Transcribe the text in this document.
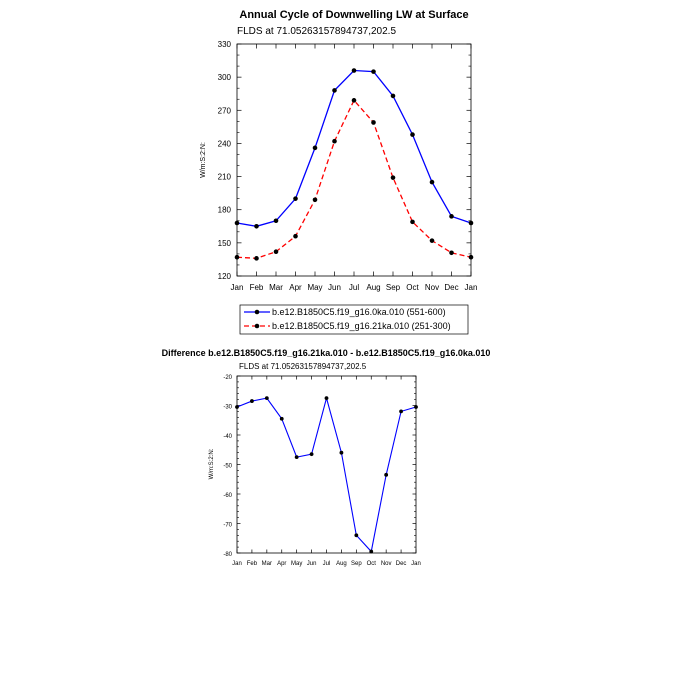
Annual Cycle of Downwelling LW at Surface
FLDS at 71.05263157894737,202.5
Jan Feb Mar Apr May Jun Jul Aug Sep Oct Nov Dec Jan
120
150
180
210
240
270
300
330
W/m:S:2:N:
b.e12.B1850C5.f19_g16.0ka.010 (551-600)
b.e12.B1850C5.f19_g16.21ka.010 (251-300)
Difference b.e12.B1850C5.f19_g16.21ka.010 - b.e12.B1850C5.f19_g16.0ka.010
FLDS at 71.05263157894737,202.5
Jan Feb Mar Apr May Jun Jul Aug Sep Oct Nov Dec Jan
-80
-70
-60
-50
-40
-30
-20
W/m:S:2:N:
